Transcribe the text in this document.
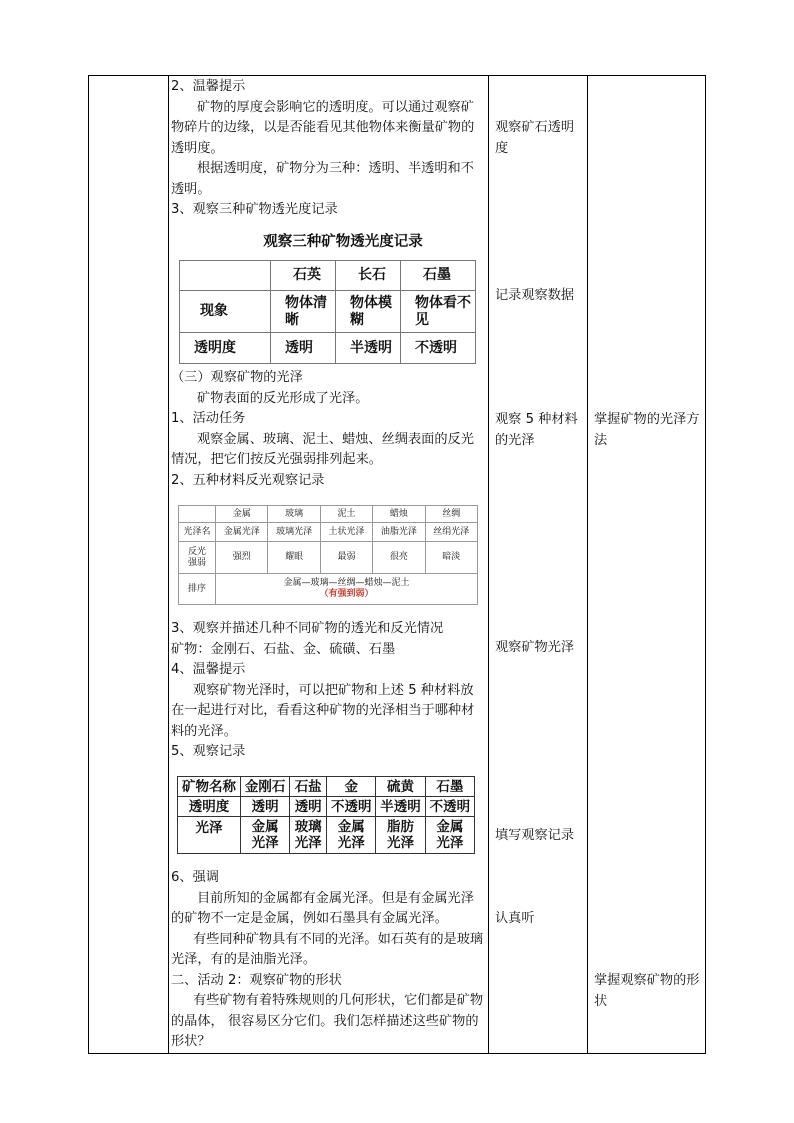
2、温馨提示

矿物的厚度会影响它的透明度。可以通过观察矿物碎片的边缘，以是否能看见其他物体来衡量矿物的透明度。

根据透明度，矿物分为三种：透明、半透明和不透明。

3、观察三种矿物透光度记录

观察三种矿物透光度记录
	石英	长石	石墨
现象	物体清晰	物体模糊	物体看不见
透明度	透明	半透明	不透明

（三）观察矿物的光泽

矿物表面的反光形成了光泽。

1、活动任务

观察金属、玻璃、泥土、蜡烛、丝绸表面的反光情况，把它们按反光强弱排列起来。

2、五种材料反光观察记录

	金属	玻璃	泥土	蜡烛	丝绸
光泽名	金属光泽	玻璃光泽	土状光泽	油脂光泽	丝绢光泽
反光强弱	强烈	耀眼	最弱	很亮	暗淡
排序	金属—玻璃—丝绸—蜡烛—泥土
（有强到弱）				

3、观察并描述几种不同矿物的透光和反光情况

矿物：金刚石、石盐、金、硫磺、石墨

4、温馨提示

观察矿物光泽时，可以把矿物和上述 5 种材料放在一起进行对比，看看这种矿物的光泽相当于哪种材料的光泽。

5、观察记录

矿物名称	金刚石	石盐	金	硫黄	石墨
透明度	透明	透明	不透明	半透明	不透明
光泽	金属光泽	玻璃光泽	金属光泽	脂肪光泽	金属光泽

6、强调

目前所知的金属都有金属光泽。但是有金属光泽的矿物不一定是金属，例如石墨具有金属光泽。

有些同种矿物具有不同的光泽。如石英有的是玻璃光泽，有的是油脂光泽。

二、活动 2：观察矿物的形状

有些矿物有着特殊规则的几何形状，它们都是矿物的晶体， 很容易区分它们。我们怎样描述这些矿物的形状？

观察矿石透明度
记录观察数据
观察 5 种材料的光泽
观察矿物光泽
填写观察记录
认真听
掌握矿物的光泽方法
掌握观察矿物的形状
